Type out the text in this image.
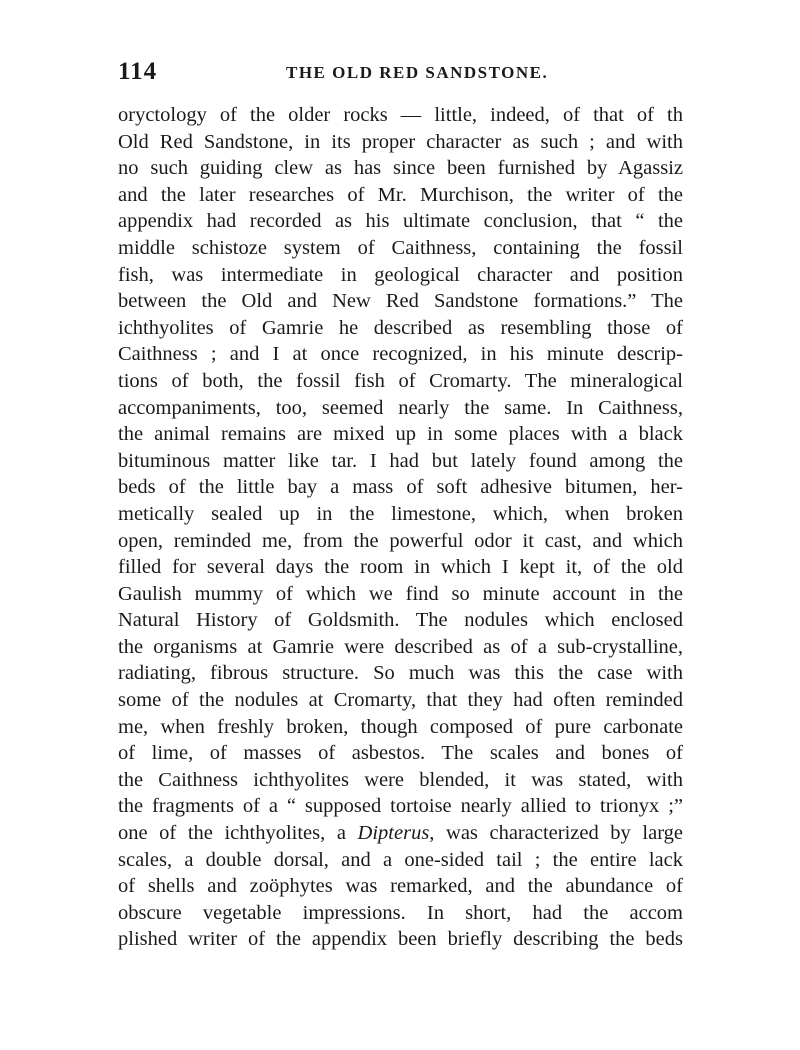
114	THE OLD RED SANDSTONE.
oryctology of the older rocks — little, indeed, of that of th
Old Red Sandstone, in its proper character as such ; and with
no such guiding clew as has since been furnished by Agassiz
and the later researches of Mr. Murchison, the writer of the
appendix had recorded as his ultimate conclusion, that “ the
middle schistoze system of Caithness, containing the fossil
fish, was intermediate in geological character and position
between the Old and New Red Sandstone formations.” The
ichthyolites of Gamrie he described as resembling those of
Caithness ; and I at once recognized, in his minute descrip-
tions of both, the fossil fish of Cromarty. The mineralogical
accompaniments, too, seemed nearly the same. In Caithness,
the animal remains are mixed up in some places with a black
bituminous matter like tar. I had but lately found among the
beds of the little bay a mass of soft adhesive bitumen, her-
metically sealed up in the limestone, which, when broken
open, reminded me, from the powerful odor it cast, and which
filled for several days the room in which I kept it, of the old
Gaulish mummy of which we find so minute account in the
Natural History of Goldsmith. The nodules which enclosed
the organisms at Gamrie were described as of a sub-crystalline,
radiating, fibrous structure. So much was this the case with
some of the nodules at Cromarty, that they had often reminded
me, when freshly broken, though composed of pure carbonate
of lime, of masses of asbestos. The scales and bones of
the Caithness ichthyolites were blended, it was stated, with
the fragments of a “ supposed tortoise nearly allied to trionyx ;”
one of the ichthyolites, a Dipterus, was characterized by large
scales, a double dorsal, and a one-sided tail ; the entire lack
of shells and zoöphytes was remarked, and the abundance of
obscure vegetable impressions. In short, had the accom
plished writer of the appendix been briefly describing the beds
